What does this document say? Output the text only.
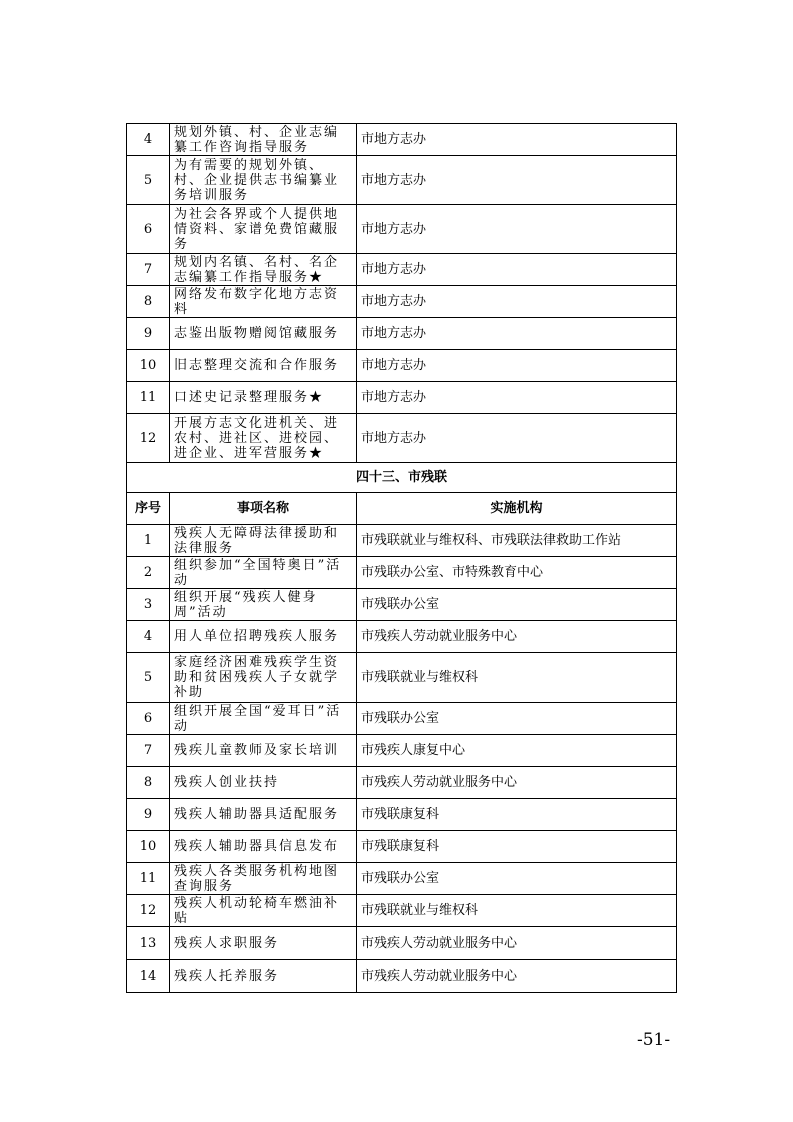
4	规划外镇、村、企业志编纂工作咨询指导服务	市地方志办
5	为有需要的规划外镇、村、企业提供志书编纂业务培训服务	市地方志办
6	为社会各界或个人提供地情资料、家谱免费馆藏服务	市地方志办
7	规划内名镇、名村、名企志编纂工作指导服务★	市地方志办
8	网络发布数字化地方志资料	市地方志办
9	志鉴出版物赠阅馆藏服务	市地方志办
10	旧志整理交流和合作服务	市地方志办
11	口述史记录整理服务★	市地方志办
12	开展方志文化进机关、进农村、进社区、进校园、进企业、进军营服务★	市地方志办
四十三、市残联		
序号	事项名称	实施机构
1	残疾人无障碍法律援助和法律服务	市残联就业与维权科、市残联法律救助工作站
2	组织参加“全国特奥日”活动	市残联办公室、市特殊教育中心
3	组织开展“残疾人健身周”活动	市残联办公室
4	用人单位招聘残疾人服务	市残疾人劳动就业服务中心
5	家庭经济困难残疾学生资助和贫困残疾人子女就学补助	市残联就业与维权科
6	组织开展全国“爱耳日”活动	市残联办公室
7	残疾儿童教师及家长培训	市残疾人康复中心
8	残疾人创业扶持	市残疾人劳动就业服务中心
9	残疾人辅助器具适配服务	市残联康复科
10	残疾人辅助器具信息发布	市残联康复科
11	残疾人各类服务机构地图查询服务	市残联办公室
12	残疾人机动轮椅车燃油补贴	市残联就业与维权科
13	残疾人求职服务	市残疾人劳动就业服务中心
14	残疾人托养服务	市残疾人劳动就业服务中心
-51-
